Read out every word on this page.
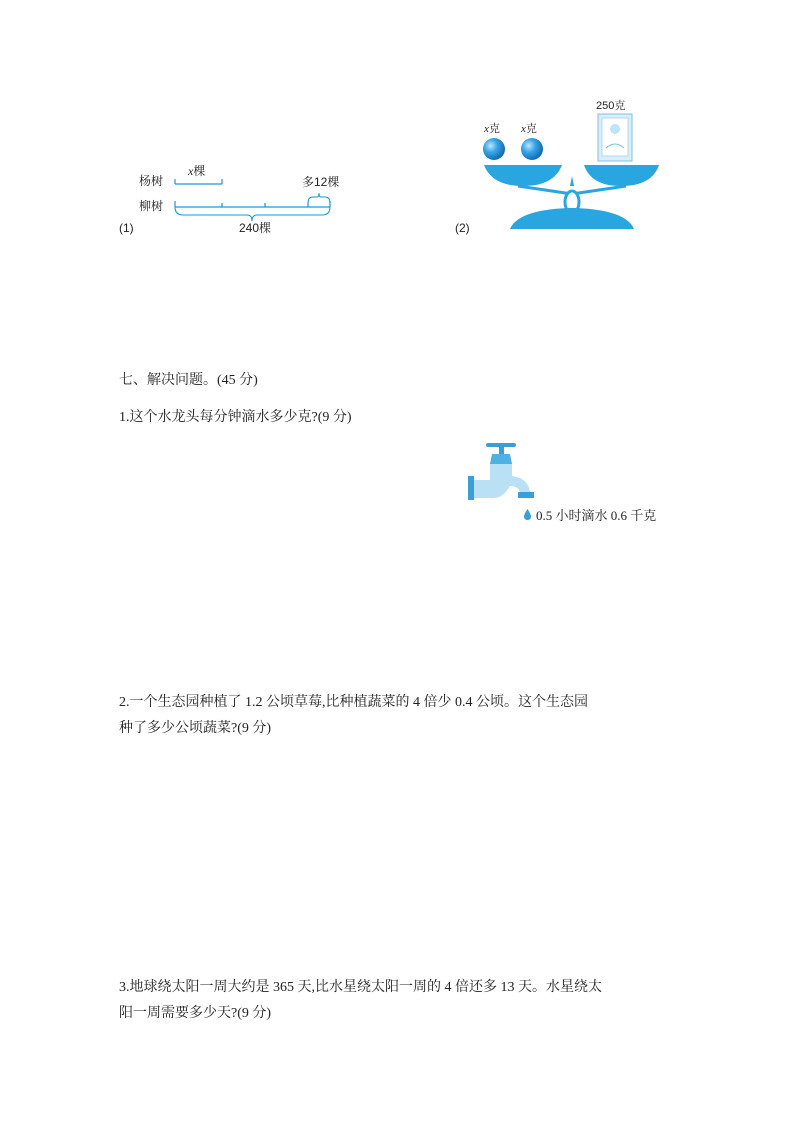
杨树
柳树
x棵
多12棵
240棵
(1)
x克 x克
250克
(2)
七、解决问题。(45 分)
1.这个水龙头每分钟滴水多少克?(9 分)
0.5 小时滴水 0.6 千克
2.一个生态园种植了 1.2 公顷草莓,比种植蔬菜的 4 倍少 0.4 公顷。这个生态园
种了多少公顷蔬菜?(9 分)
3.地球绕太阳一周大约是 365 天,比水星绕太阳一周的 4 倍还多 13 天。水星绕太
阳一周需要多少天?(9 分)
